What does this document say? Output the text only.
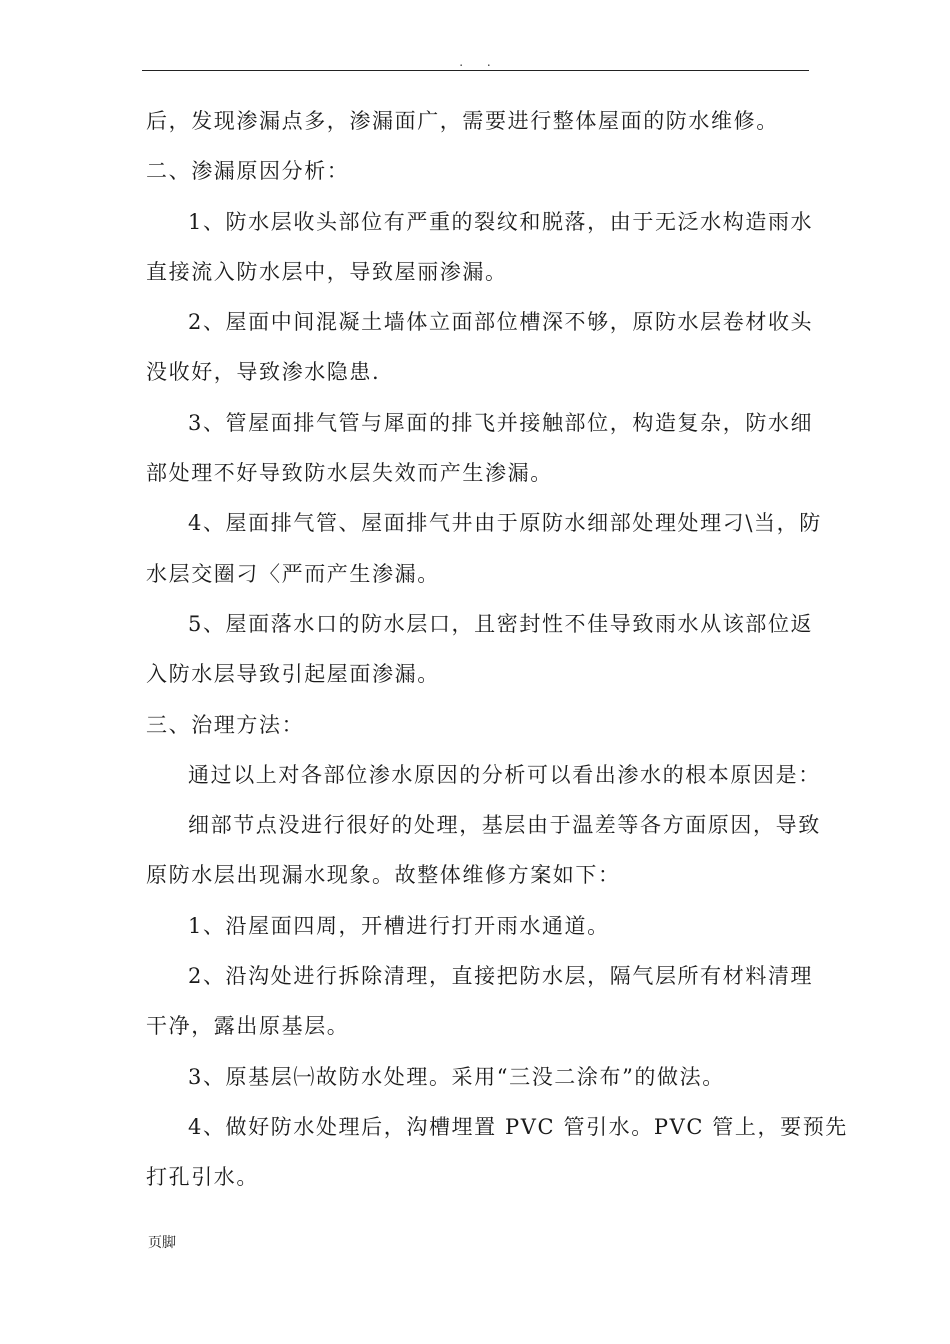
. .
后，发现渗漏点多，渗漏面广，需要进行整体屋面的防水维修。
二、渗漏原因分析：
1、防水层收头部位有严重的裂纹和脱落，由于无泛水构造雨水
直接流入防水层中，导致屋丽渗漏。
2、屋面中间混凝土墙体立面部位槽深不够，原防水层卷材收头
没收好，导致渗水隐患.
3、管屋面排气管与犀面的排飞并接触部位，构造复杂，防水细
部处理不好导致防水层失效而产生渗漏。
4、屋面排气管、屋面排气井由于原防水细部处理处理刁\当，防
水层交圈刁〈严而产生渗漏。
5、屋面落水口的防水层口，且密封性不佳导致雨水从该部位返
入防水层导致引起屋面渗漏。
三、治理方法：
通过以上对各部位渗水原因的分析可以看出渗水的根本原因是：
细部节点没进行很好的处理，基层由于温差等各方面原因，导致
原防水层出现漏水现象。故整体维修方案如下：
1、沿屋面四周，开槽进行打开雨水通道。
2、沿沟处进行拆除清理，直接把防水层，隔气层所有材料清理
干净，露出原基层。
3、原基层㈠故防水处理。采用“三没二涂布”的做法。
4、做好防水处理后，沟槽埋置 PVC 管引水。PVC 管上，要预先
打孔引水。
页脚
